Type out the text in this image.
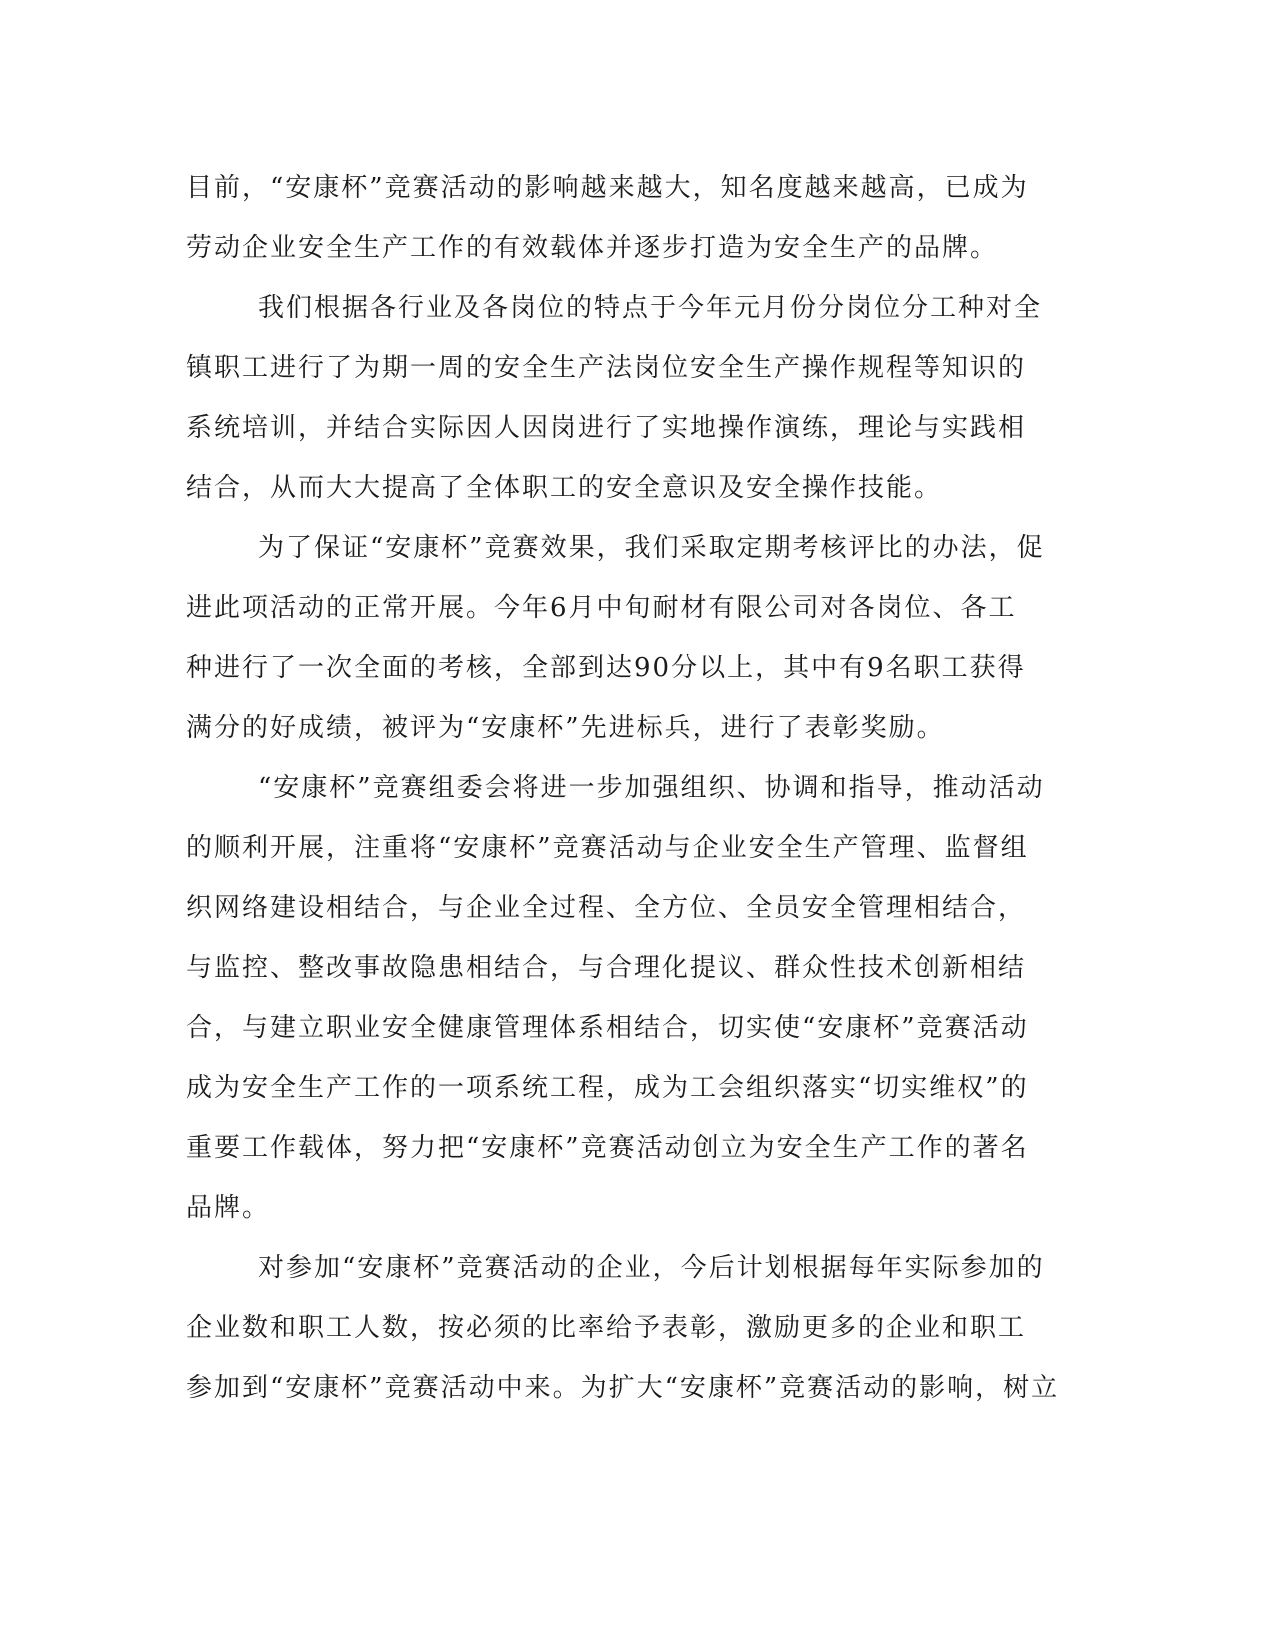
目前，“安康杯”竞赛活动的影响越来越大，知名度越来越高，已成为
劳动企业安全生产工作的有效载体并逐步打造为安全生产的品牌。
我们根据各行业及各岗位的特点于今年元月份分岗位分工种对全
镇职工进行了为期一周的安全生产法岗位安全生产操作规程等知识的
系统培训，并结合实际因人因岗进行了实地操作演练，理论与实践相
结合，从而大大提高了全体职工的安全意识及安全操作技能。
为了保证“安康杯”竞赛效果，我们采取定期考核评比的办法，促
进此项活动的正常开展。今年6月中旬耐材有限公司对各岗位、各工
种进行了一次全面的考核，全部到达90分以上，其中有9名职工获得
满分的好成绩，被评为“安康杯”先进标兵，进行了表彰奖励。
“安康杯”竞赛组委会将进一步加强组织、协调和指导，推动活动
的顺利开展，注重将“安康杯”竞赛活动与企业安全生产管理、监督组
织网络建设相结合，与企业全过程、全方位、全员安全管理相结合，
与监控、整改事故隐患相结合，与合理化提议、群众性技术创新相结
合，与建立职业安全健康管理体系相结合，切实使“安康杯”竞赛活动
成为安全生产工作的一项系统工程，成为工会组织落实“切实维权”的
重要工作载体，努力把“安康杯”竞赛活动创立为安全生产工作的著名
品牌。
对参加“安康杯”竞赛活动的企业，今后计划根据每年实际参加的
企业数和职工人数，按必须的比率给予表彰，激励更多的企业和职工
参加到“安康杯”竞赛活动中来。为扩大“安康杯”竞赛活动的影响，树立
